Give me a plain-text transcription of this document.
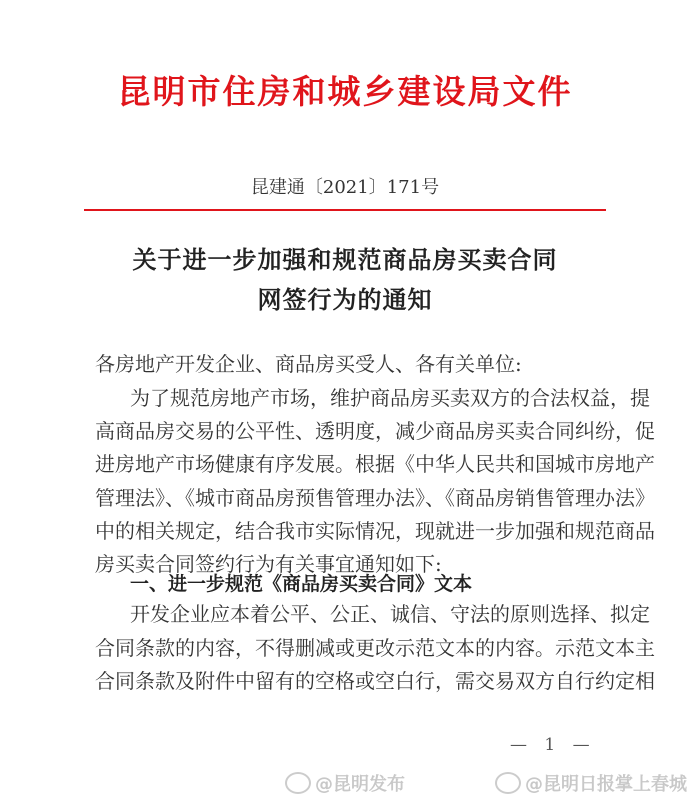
昆明市住房和城乡建设局文件
昆建通〔2021〕171号
关于进一步加强和规范商品房买卖合同
网签行为的通知
各房地产开发企业、商品房买受人、各有关单位:
为了规范房地产市场，维护商品房买卖双方的合法权益，提
高商品房交易的公平性、透明度，减少商品房买卖合同纠纷，促
进房地产市场健康有序发展。根据《中华人民共和国城市房地产
管理法》、《城市商品房预售管理办法》、《商品房销售管理办法》
中的相关规定，结合我市实际情况，现就进一步加强和规范商品
房买卖合同签约行为有关事宜通知如下:
一、进一步规范《商品房买卖合同》文本
开发企业应本着公平、公正、诚信、守法的原则选择、拟定
合同条款的内容，不得删减或更改示范文本的内容。示范文本主
合同条款及附件中留有的空格或空白行，需交易双方自行约定相
— 1 —
@昆明发布	@昆明日报掌上春城
